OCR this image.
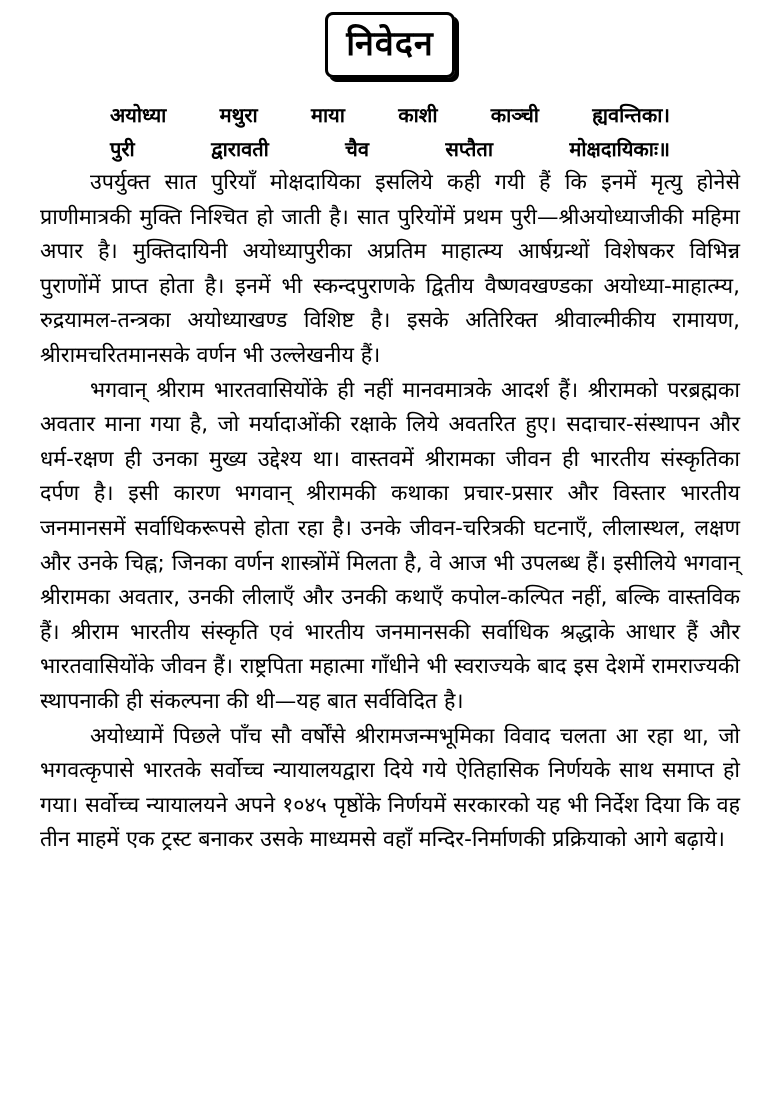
निवेदन
अयोध्या	मथुरा	माया	काशी	काञ्ची	ह्यवन्तिका।
पुरी	द्वारावती	चैव	सप्तैता	मोक्षदायिकाः॥

उपर्युक्त सात पुरियाँ मोक्षदायिका इसलिये कही गयी हैं कि इनमें मृत्यु होनेसे प्राणीमात्रकी मुक्ति निश्चित हो जाती है। सात पुरियोंमें प्रथम पुरी—श्रीअयोध्याजीकी महिमा अपार है। मुक्तिदायिनी अयोध्यापुरीका अप्रतिम माहात्म्य आर्षग्रन्थों विशेषकर विभिन्न पुराणोंमें प्राप्त होता है। इनमें भी स्कन्दपुराणके द्वितीय वैष्णवखण्डका अयोध्या-माहात्म्य, रुद्रयामल-तन्त्रका अयोध्याखण्ड विशिष्ट है। इसके अतिरिक्त श्रीवाल्मीकीय रामायण, श्रीरामचरितमानसके वर्णन भी उल्लेखनीय हैं।

भगवान् श्रीराम भारतवासियोंके ही नहीं मानवमात्रके आदर्श हैं। श्रीरामको परब्रह्मका अवतार माना गया है, जो मर्यादाओंकी रक्षाके लिये अवतरित हुए। सदाचार-संस्थापन और धर्म-रक्षण ही उनका मुख्य उद्देश्य था। वास्तवमें श्रीरामका जीवन ही भारतीय संस्कृतिका दर्पण है। इसी कारण भगवान् श्रीरामकी कथाका प्रचार-प्रसार और विस्तार भारतीय जनमानसमें सर्वाधिकरूपसे होता रहा है। उनके जीवन-चरित्रकी घटनाएँ, लीलास्थल, लक्षण और उनके चिह्न; जिनका वर्णन शास्त्रोंमें मिलता है, वे आज भी उपलब्ध हैं। इसीलिये भगवान् श्रीरामका अवतार, उनकी लीलाएँ और उनकी कथाएँ कपोल-कल्पित नहीं, बल्कि वास्तविक हैं। श्रीराम भारतीय संस्कृति एवं भारतीय जनमानसकी सर्वाधिक श्रद्धाके आधार हैं और भारतवासियोंके जीवन हैं। राष्ट्रपिता महात्मा गाँधीने भी स्वराज्यके बाद इस देशमें रामराज्यकी स्थापनाकी ही संकल्पना की थी—यह बात सर्वविदित है।

अयोध्यामें पिछले पाँच सौ वर्षोंसे श्रीरामजन्मभूमिका विवाद चलता आ रहा था, जो भगवत्कृपासे भारतके सर्वोच्च न्यायालयद्वारा दिये गये ऐतिहासिक निर्णयके साथ समाप्त हो गया। सर्वोच्च न्यायालयने अपने १०४५ पृष्ठोंके निर्णयमें सरकारको यह भी निर्देश दिया कि वह तीन माहमें एक ट्रस्ट बनाकर उसके माध्यमसे वहाँ मन्दिर-निर्माणकी प्रक्रियाको आगे बढ़ाये।
